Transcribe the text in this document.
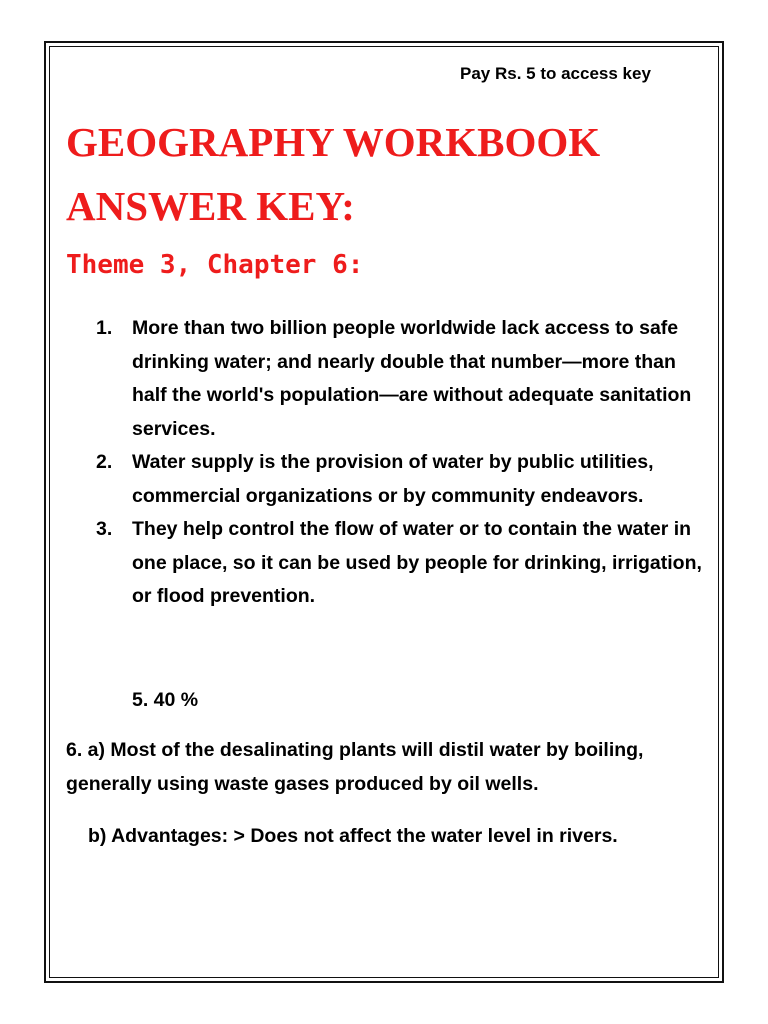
Pay Rs. 5 to access key
GEOGRAPHY WORKBOOK ANSWER KEY:
Theme 3, Chapter 6:
1. More than two billion people worldwide lack access to safe drinking water; and nearly double that number—more than half the world's population—are without adequate sanitation services.
2. Water supply is the provision of water by public utilities, commercial organizations or by community endeavors.
3. They help control the flow of water or to contain the water in one place, so it can be used by people for drinking, irrigation, or flood prevention.
5. 40 %

6. a) Most of the desalinating plants will distil water by boiling, generally using waste gases produced by oil wells.

b) Advantages: > Does not affect the water level in rivers.
